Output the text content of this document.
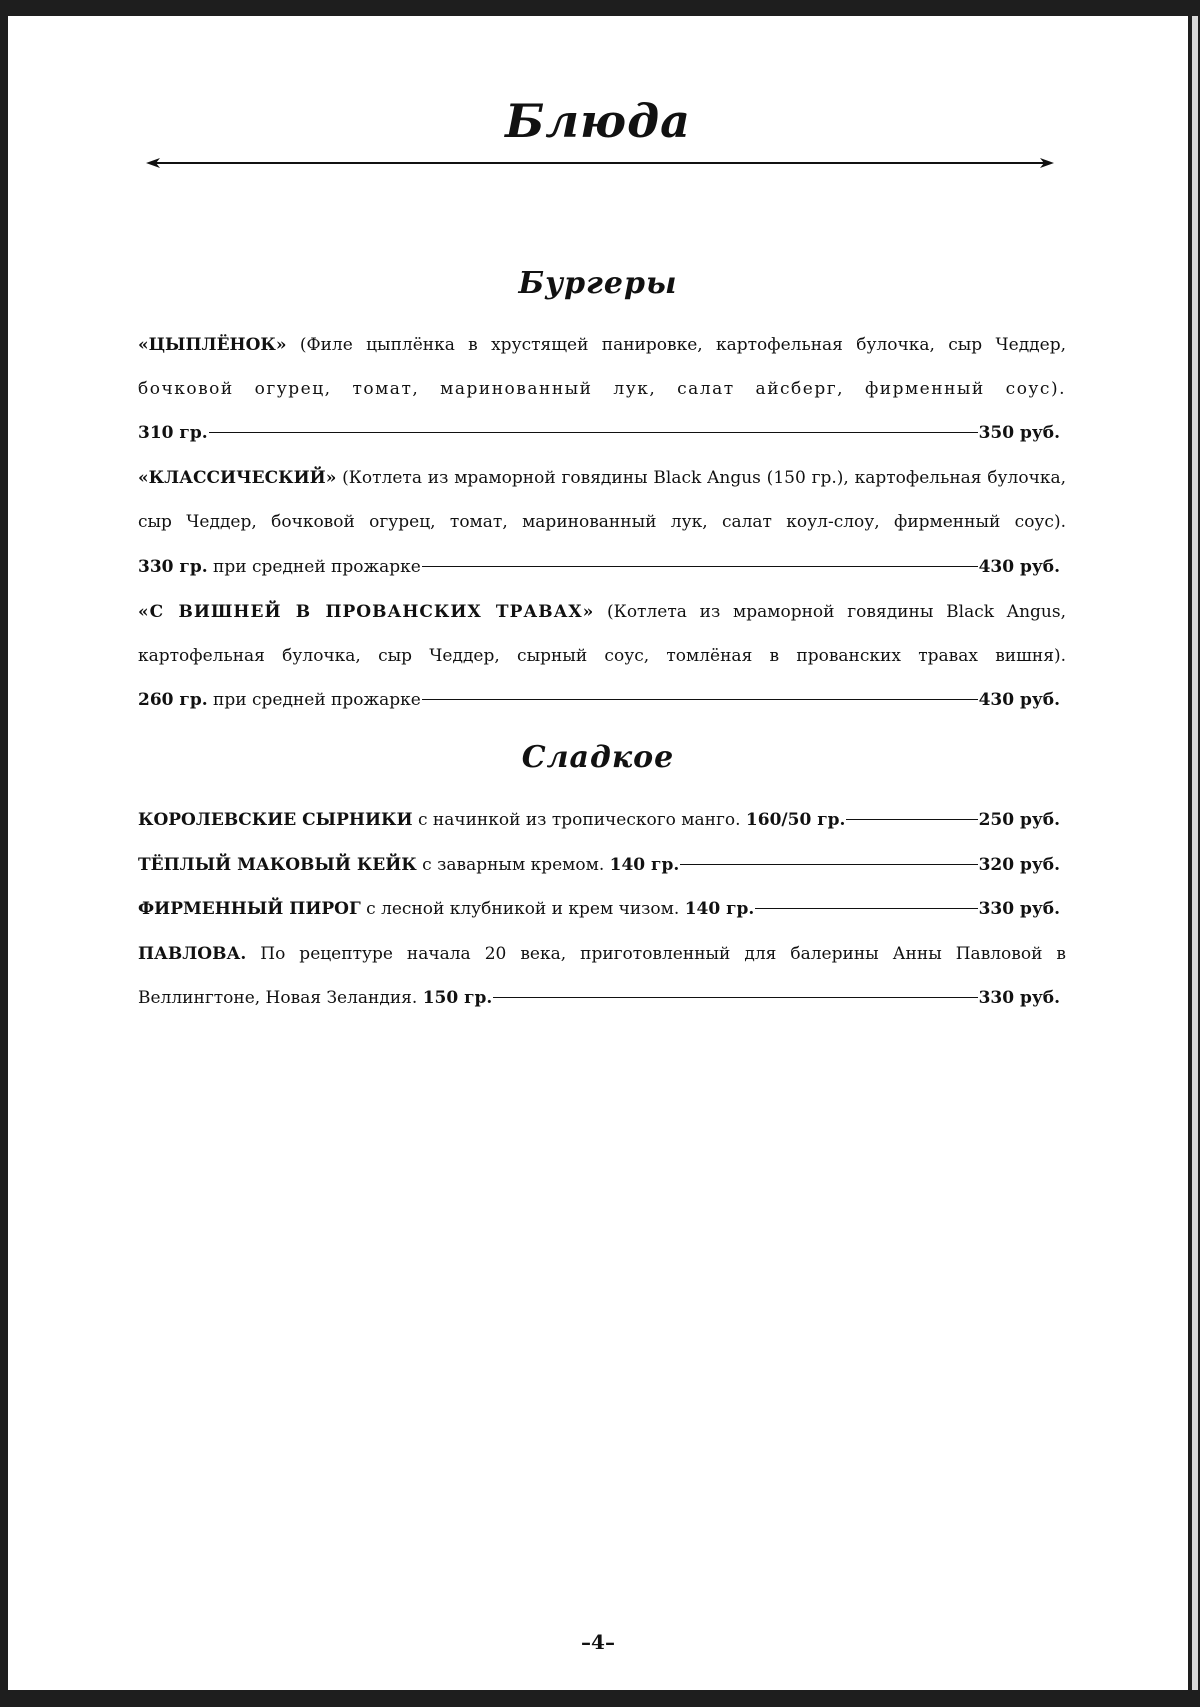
Блюда
Бургеры
«ЦЫПЛЁНОК» (Филе цыплёнка в хрустящей панировке, картофельная булочка, сыр Чеддер,
бочковой огурец, томат, маринованный лук, салат айсберг, фирменный соус).
310 гр.	350 руб.
«КЛАССИЧЕСКИЙ» (Котлета из мраморной говядины Black Angus (150 гр.), картофельная булочка,
сыр Чеддер, бочковой огурец, томат, маринованный лук, салат коул-слоу, фирменный соус).
330 гр.
при средней прожарке	430 руб.
«С ВИШНЕЙ В ПРОВАНСКИХ ТРАВАХ» (Котлета из мраморной говядины Black Angus,
картофельная булочка, сыр Чеддер, сырный соус, томлёная в прованских травах вишня).
260 гр.
при средней прожарке	430 руб.
Сладкое
КОРОЛЕВСКИЕ СЫРНИКИ
с начинкой из тропического манго.
160/50 гр.	250 руб.
ТЁПЛЫЙ МАКОВЫЙ КЕЙК
с заварным кремом.
140 гр.	320 руб.
ФИРМЕННЫЙ ПИРОГ
с лесной клубникой и крем чизом.
140 гр.	330 руб.
ПАВЛОВА. По рецептуре начала 20 века, приготовленный для балерины Анны Павловой в
Веллингтоне, Новая Зеландия.
150 гр.	330 руб.
–4–
